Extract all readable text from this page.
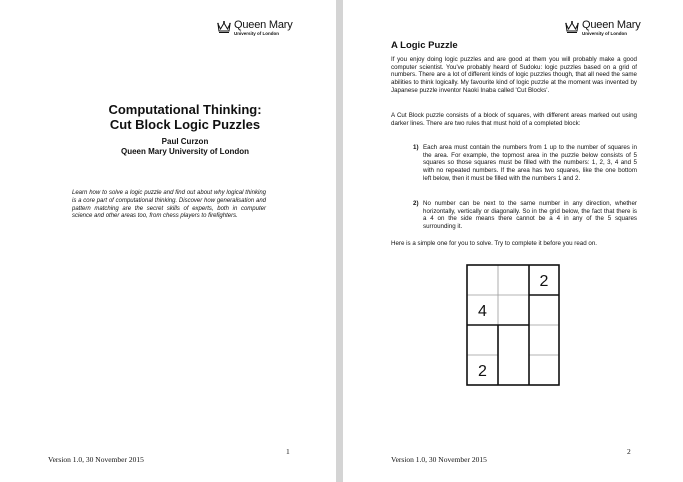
Queen Mary
University of London
Computational Thinking:
Cut Block Logic Puzzles
Paul Curzon
Queen Mary University of London
Learn how to solve a logic puzzle and find out about why logical thinking is a core part of computational thinking. Discover how generalisation and pattern matching are the secret skills of experts, both in computer science and other areas too, from chess players to firefighters.
Version 1.0, 30 November 2015
1
Queen Mary
University of London
A Logic Puzzle

If you enjoy doing logic puzzles and are good at them you will probably make a good computer scientist. You've probably heard of Sudoku: logic puzzles based on a grid of numbers. There are a lot of different kinds of logic puzzles though, that all need the same abilities to think logically. My favourite kind of logic puzzle at the moment was invented by Japanese puzzle inventor Naoki Inaba called 'Cut Blocks'.

A Cut Block puzzle consists of a block of squares, with different areas marked out using darker lines. There are two rules that must hold of a completed block:

1) Each area must contain the numbers from 1 up to the number of squares in the area. For example, the topmost area in the puzzle below consists of 5 squares so those squares must be filled with the numbers: 1, 2, 3, 4 and 5 with no repeated numbers. If the area has two squares, like the one bottom left below, then it must be filled with the numbers 1 and 2.
2) No number can be next to the same number in any direction, whether horizontally, vertically or diagonally. So in the grid below, the fact that there is a 4 on the side means there cannot be a 4 in any of the 5 squares surrounding it.

Here is a simple one for you to solve. Try to complete it before you read on.

2
4
2
Version 1.0, 30 November 2015
2
